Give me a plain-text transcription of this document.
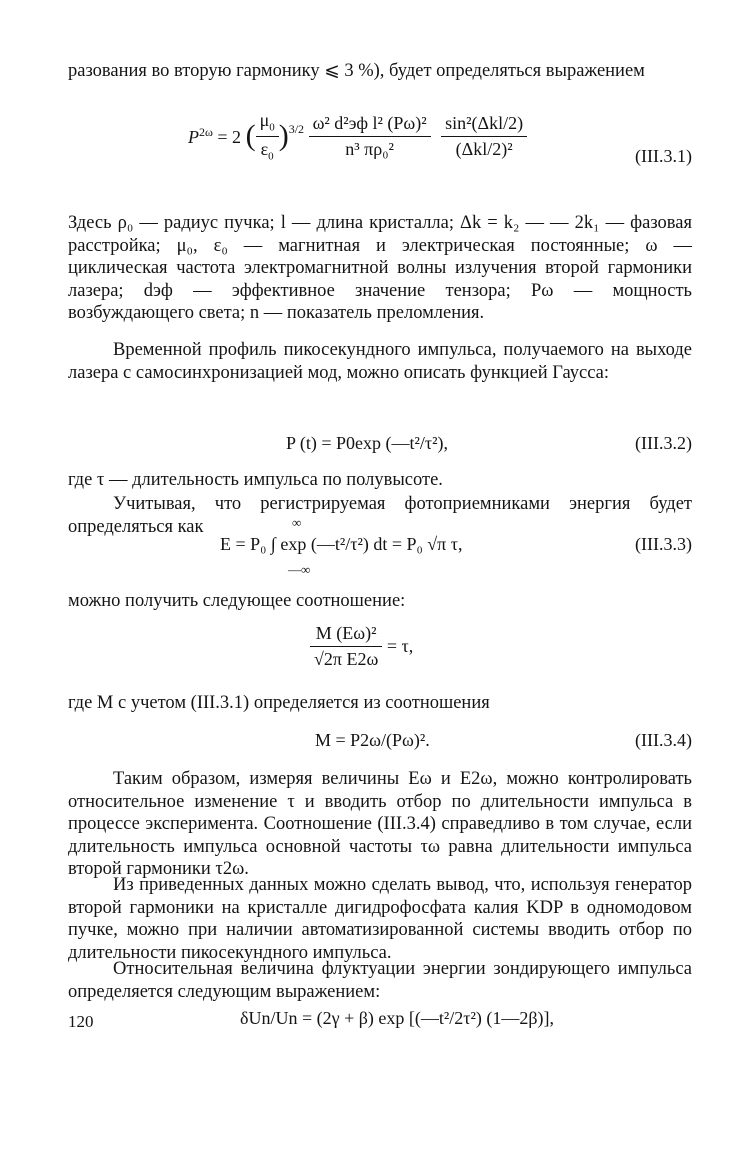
разования во вторую гармонику ⩽ 3 %), будет определяться выражением

$P^{2\omega} = 2$ ( $\frac{\mu_0}{\varepsilon_0} )^{3/2} \frac{\text{ω² d²эф l² (Pω)²}}{\text{n³ πρ₀²}}$
$\frac{\text{sin²(Δkl/2)}}{\text{(Δkl/2)²}}$	(III.3.1)

Здесь ρ₀ — радиус пучка; l — длина кристалла; Δk = k₂ — — 2k₁ — фазовая расстройка; μ₀, ε₀ — магнитная и электрическая постоянные; ω — циклическая частота электромагнитной волны излучения второй гармоники лазера; dэф — эффективное значение тензора; Pω — мощность возбуждающего света; n — показатель преломления.

Временной профиль пикосекундного импульса, получаемого на выходе лазера с самосинхронизацией мод, можно описать функцией Гаусса:

P (t) = P0exp (—t²/τ²),	(III.3.2)

где τ — длительность импульса по полувысоте.

Учитывая, что регистрируемая фотоприемниками энергия будет определяться как	∞
—∞
E = P₀ ∫ exp (—t²/τ²) dt = P₀ √π τ,	(III.3.3)

можно получить следующее соотношение:

$\frac{\text{M (Eω)²}}{\text{√2π E2ω}} = \tau$,

где M с учетом (III.3.1) определяется из соотношения

M = P2ω/(Pω)².	(III.3.4)

Таким образом, измеряя величины Eω и E2ω, можно контролировать относительное изменение τ и вводить отбор по длительности импульса в процессе эксперимента. Соотношение (III.3.4) справедливо в том случае, если длительность импульса основной частоты τω равна длительности импульса второй гармоники τ2ω.

Из приведенных данных можно сделать вывод, что, используя генератор второй гармоники на кристалле дигидрофосфата калия KDP в одномодовом пучке, можно при наличии автоматизированной системы вводить отбор по длительности пикосекундного импульса.

Относительная величина флуктуации энергии зондирующего импульса определяется следующим выражением:

δUn/Un = (2γ + β) exp [(—t²/2τ²) (1—2β)],
120
